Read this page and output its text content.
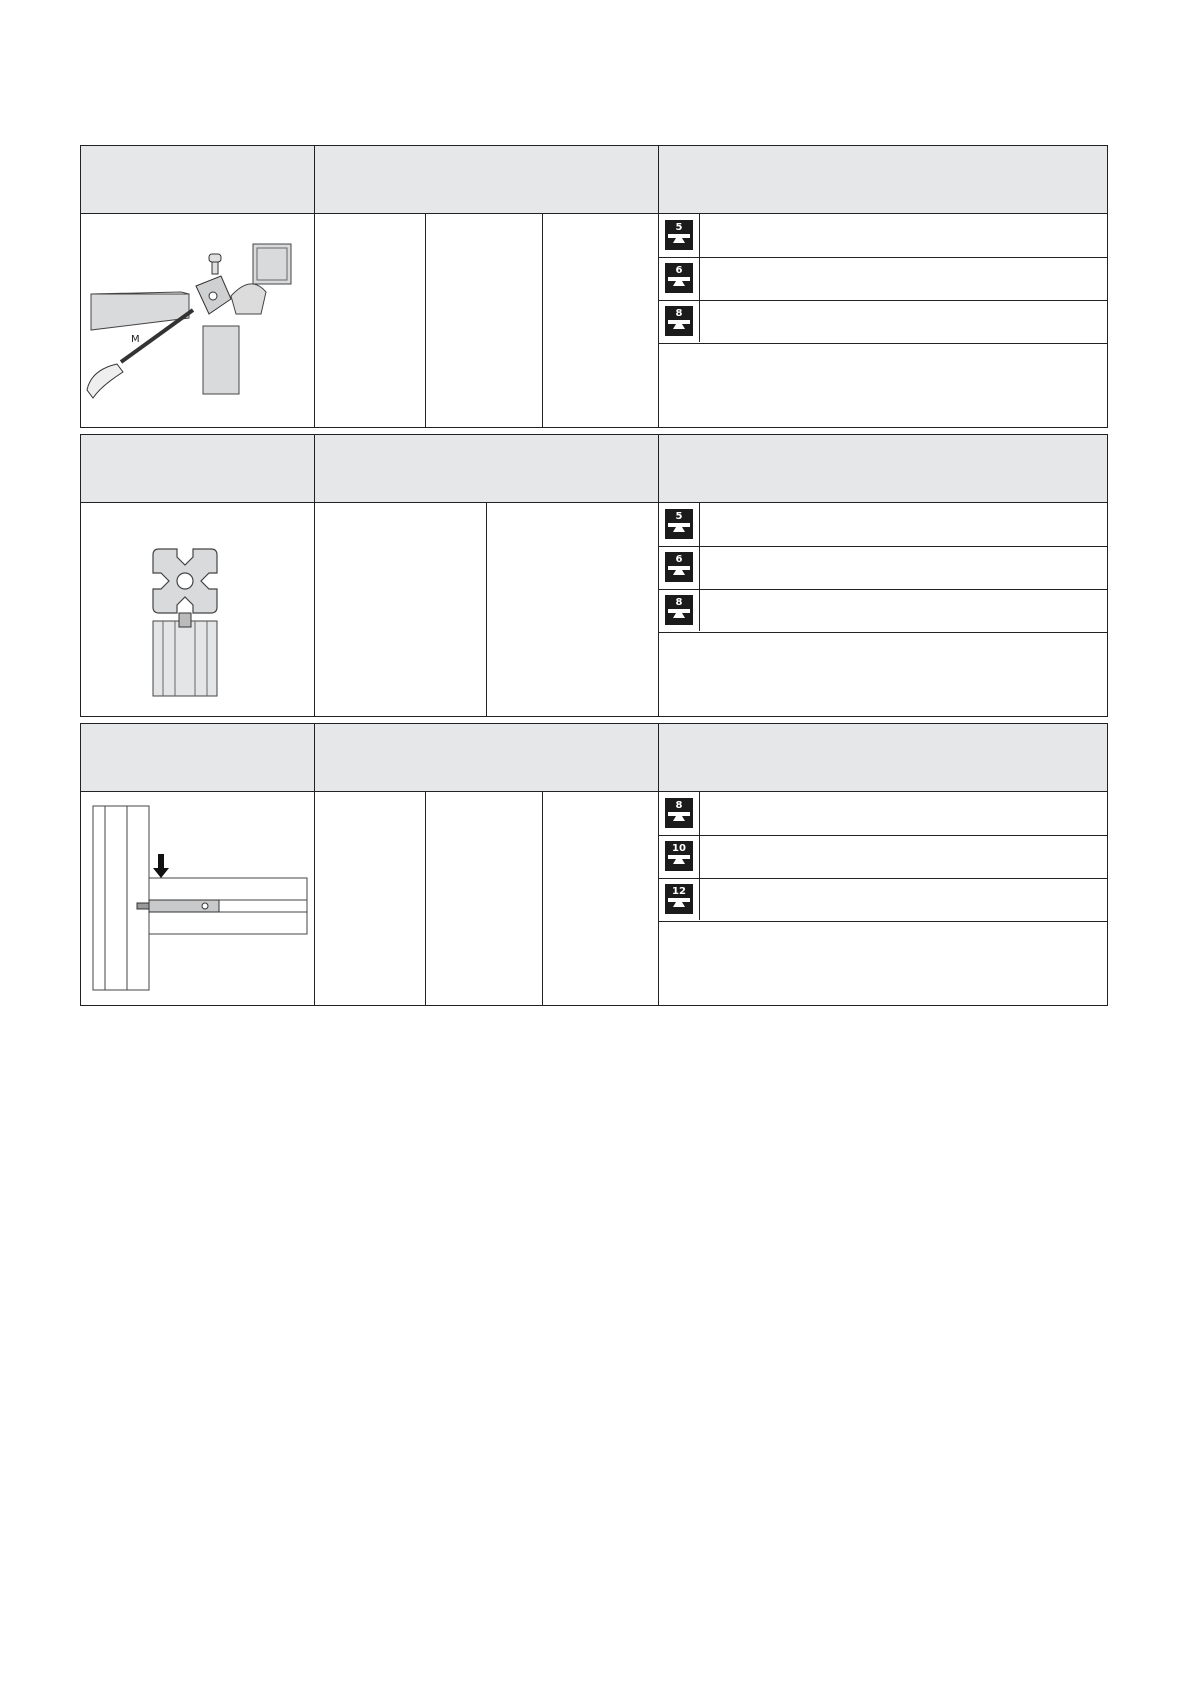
5
6
8
M
5
6
8
8
10
12
